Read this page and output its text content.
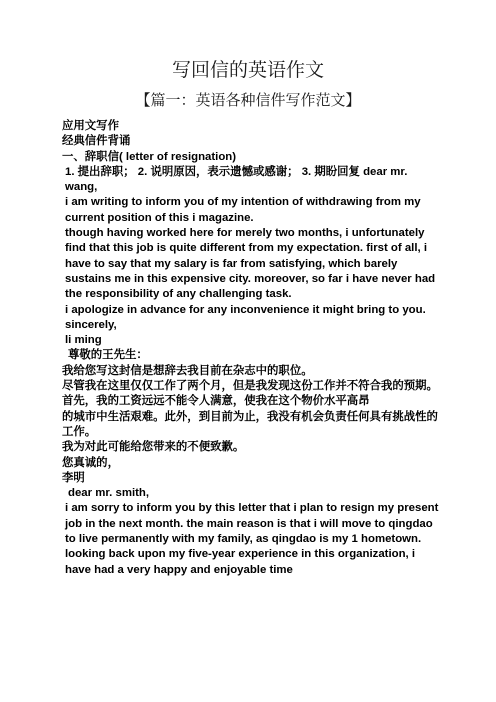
写回信的英语作文
【篇一：英语各种信件写作范文】

应用文写作

经典信件背诵

一、辞职信( letter of resignation)

1. 提出辞职； 2. 说明原因，表示遗憾或感谢； 3. 期盼回复 dear mr. wang,

i am writing to inform you of my intention of withdrawing from my current position of this i magazine.

though having worked here for merely two months, i unfortunately find that this job is quite different from my expectation. first of all, i have to say that my salary is far from satisfying, which barely sustains me in this expensive city. moreover, so far i have never had the responsibility of any challenging task.

i apologize in advance for any inconvenience it might bring to you.

sincerely,

li ming

尊敬的王先生：

我给您写这封信是想辞去我目前在杂志中的职位。

尽管我在这里仅仅工作了两个月，但是我发现这份工作并不符合我的预期。首先，我的工资远远不能令人满意，使我在这个物价水平高昂

的城市中生活艰难。此外，到目前为止，我没有机会负责任何具有挑战性的工作。

我为对此可能给您带来的不便致歉。

您真诚的，

李明

dear mr. smith,

i am sorry to inform you by this letter that i plan to resign my present job in the next month. the main reason is that i will move to qingdao to live permanently with my family, as qingdao is my 1 hometown.

looking back upon my five-year experience in this organization, i have had a very happy and enjoyable time
